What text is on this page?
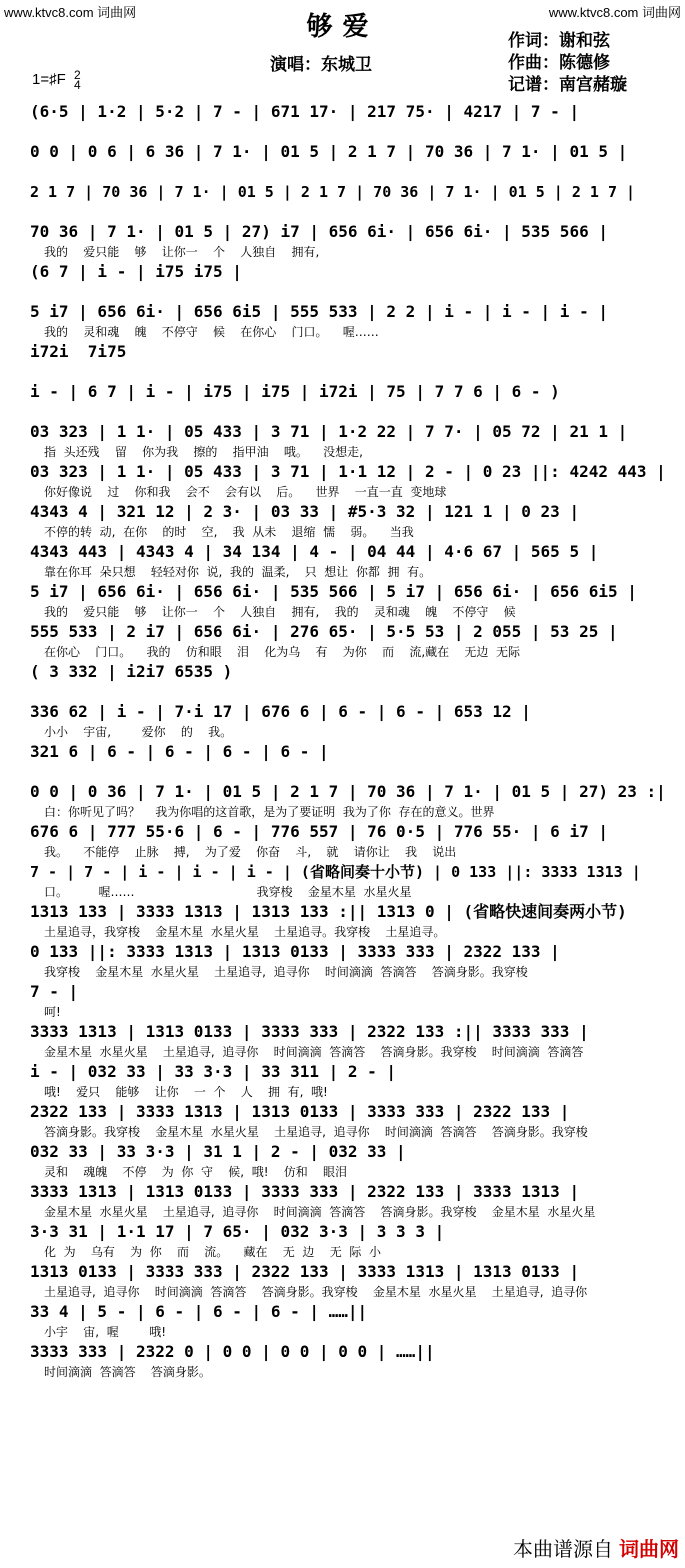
www.ktvc8.com 词曲网	www.ktvc8.com 词曲网
够爱
演唱：东城卫
作词：谢和弦
作曲：陈德修
记谱：南宫赭璇
1=♯F 2
4
(6·5 | 1·2 | 5·2 | 7 - | 671 17· | 217 75· | 4217 | 7 - |
0 0 | 0 6 | 6 36 | 7 1· | 01 5 | 2 1 7 | 70 36 | 7 1· | 01 5 |
2 1 7 | 70 36 | 7 1· | 01 5 | 2 1 7 | 70 36 | 7 1· | 01 5 | 2 1 7 |
70 36 | 7 1· | 01 5 | 27) i7 | 656 6i· | 656 6i· | 535 566 |
我的    爱只能    够    让你一    个    人独自    拥有,
(6 7 | i - | i75 i75 |
5 i7 | 656 6i· | 656 6i5 | 555 533 | 2 2 | i - | i - | i - |
我的    灵和魂    魄    不停守    候    在你心    门口。    喔……
i72i  7i75
i - | 6 7 | i - | i75 | i75 | i72i | 75 | 7 7 6 | 6 - )
03 323 | 1 1· | 05 433 | 3 71 | 1·2 22 | 7 7· | 05 72 | 21 1 |
指  头还残    留    你为我    擦的    指甲油    哦。    没想走,
03 323 | 1 1· | 05 433 | 3 71 | 1·1 12 | 2 - | 0 23 ||: 4242 443 |
你好像说    过    你和我    会不    会有以    后。    世界    一直一直  变地球
4343 4 | 321 12 | 2 3· | 03 33 | #5·3 32 | 121 1 | 0 23 |
不停的转  动,  在你    的时    空,    我  从未    退缩  懦    弱。    当我
4343 443 | 4343 4 | 34 134 | 4 - | 04 44 | 4·6 67 | 565 5 |
靠在你耳  朵只想    轻轻对你  说,  我的  温柔,    只  想让  你都  拥  有。
5 i7 | 656 6i· | 656 6i· | 535 566 | 5 i7 | 656 6i· | 656 6i5 |
我的    爱只能    够    让你一    个    人独自    拥有,    我的    灵和魂    魄    不停守    候
555 533 | 2 i7 | 656 6i· | 276 65· | 5·5 53 | 2 055 | 53 25 |
在你心    门口。    我的    仿和眼    泪    化为乌    有    为你    而    流,藏在    无边  无际
( 3 332 | i2i7 6535 )
336 62 | i - | 7·i 17 | 676 6 | 6 - | 6 - | 653 12 |
小小    宇宙,        爱你    的    我。
321 6 | 6 - | 6 - | 6 - | 6 - |
0 0 | 0 36 | 7 1· | 01 5 | 2 1 7 | 70 36 | 7 1· | 01 5 | 27) 23 :|
白：你听见了吗？    我为你唱的这首歌，是为了要证明  我为了你  存在的意义。世界
676 6 | 777 55·6 | 6 - | 776 557 | 76 0·5 | 776 55· | 6 i7 |
我。    不能停    止脉    搏,    为了爱    你奋    斗,    就    请你让    我    说出
7 - | 7 - | i - | i - | i - | (省略间奏十小节) | 0 133 ||: 3333 1313 |
口。        喔……                                我穿梭    金星木星  水星火星
1313 133 | 3333 1313 | 1313 133 :|| 1313 0 | (省略快速间奏两小节)
土星追寻，我穿梭    金星木星  水星火星    土星追寻。我穿梭    土星追寻。
0 133 ||: 3333 1313 | 1313 0133 | 3333 333 | 2322 133 |
我穿梭    金星木星  水星火星    土星追寻,  追寻你    时间滴滴  答滴答    答滴身影。我穿梭
7 - |
呵!
3333 1313 | 1313 0133 | 3333 333 | 2322 133 :|| 3333 333 |
金星木星  水星火星    土星追寻,  追寻你    时间滴滴  答滴答    答滴身影。我穿梭    时间滴滴  答滴答
i - | 032 33 | 33 3·3 | 33 311 | 2 - |
哦!    爱只    能够    让你    一  个    人    拥  有,  哦!
2322 133 | 3333 1313 | 1313 0133 | 3333 333 | 2322 133 |
答滴身影。我穿梭    金星木星  水星火星    土星追寻,  追寻你    时间滴滴  答滴答    答滴身影。我穿梭
032 33 | 33 3·3 | 31 1 | 2 - | 032 33 |
灵和    魂魄    不停    为  你  守    候,  哦!    仿和    眼泪
3333 1313 | 1313 0133 | 3333 333 | 2322 133 | 3333 1313 |
金星木星  水星火星    土星追寻,  追寻你    时间滴滴  答滴答    答滴身影。我穿梭    金星木星  水星火星
3·3 31 | 1·1 17 | 7 65· | 032 3·3 | 3 3 3 |
化  为    乌有    为  你    而    流。    藏在    无  边    无  际  小
1313 0133 | 3333 333 | 2322 133 | 3333 1313 | 1313 0133 |
土星追寻,  追寻你    时间滴滴  答滴答    答滴身影。我穿梭    金星木星  水星火星    土星追寻,  追寻你
33 4 | 5 - | 6 - | 6 - | 6 - | ……||
小宇    宙,  喔        哦!
3333 333 | 2322 0 | 0 0 | 0 0 | 0 0 | ……||
时间滴滴  答滴答    答滴身影。
本曲谱源自 词曲网
